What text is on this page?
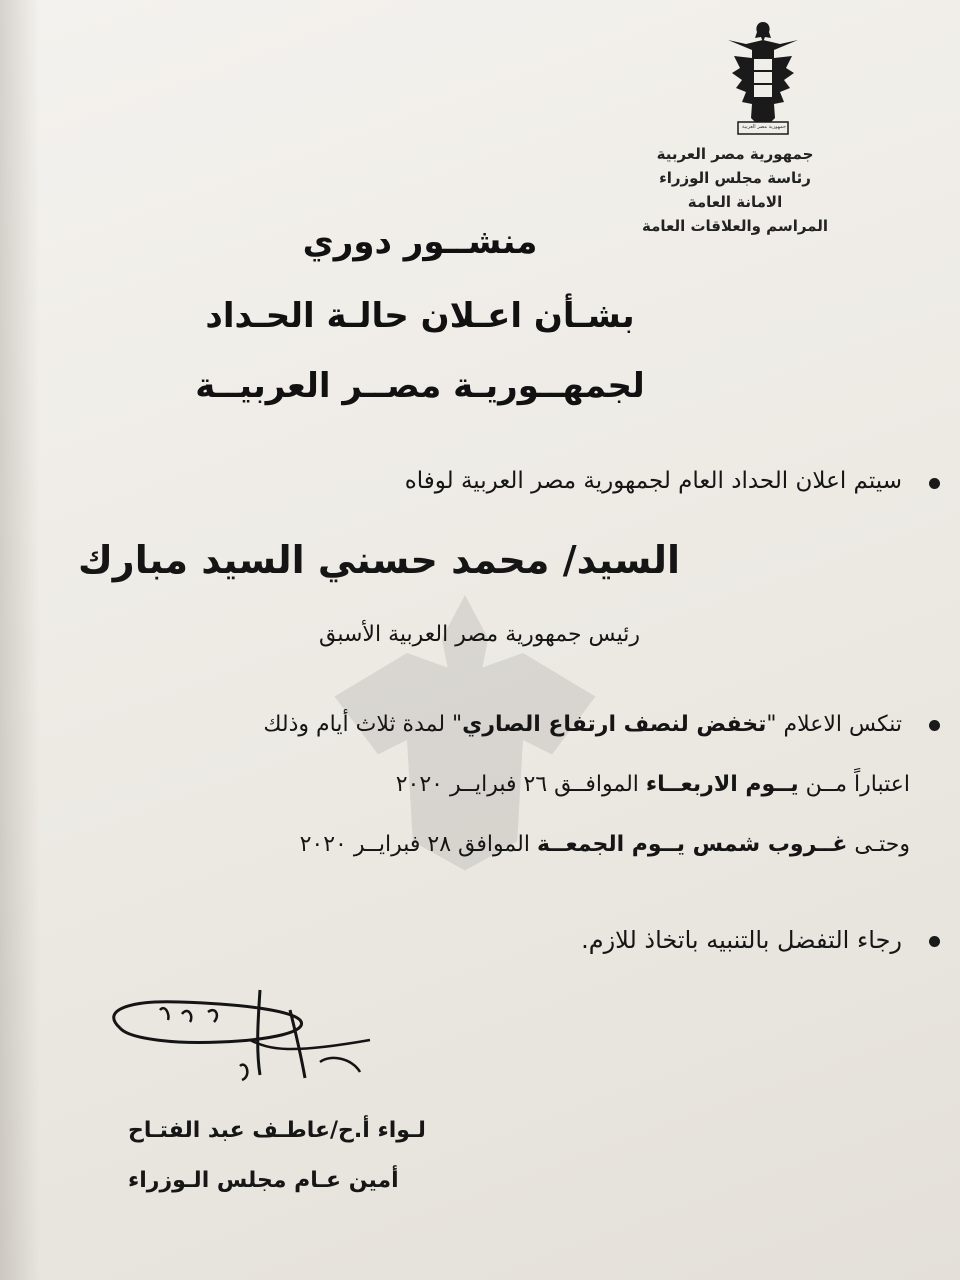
جمهورية مصر العربية
جمهورية مصر العربية
رئاسة مجلس الوزراء
الامانة العامة
المراسم والعلاقات العامة
منشــور دوري
بشـأن اعـلان حالـة الحـداد
لجمهــوريـة مصــر العربيــة
سيتم اعلان الحداد العام لجمهورية مصر العربية لوفاه
السيد/ محمد حسني السيد مبارك
رئيس جمهورية مصر العربية الأسبق
تنكس الاعلام "تخفض لنصف ارتفاع الصاري" لمدة ثلاث أيام وذلك
اعتباراً مــن يــوم الاربعــاء الموافــق ٢٦ فبرايــر ٢٠٢٠
وحتـى غــروب شمس يــوم الجمعــة الموافق ٢٨ فبرايــر ٢٠٢٠
رجاء التفضل بالتنبيه باتخاذ للازم.
لـواء أ.ح/عاطـف عبد الفتـاح
أمين عـام مجلس الـوزراء
